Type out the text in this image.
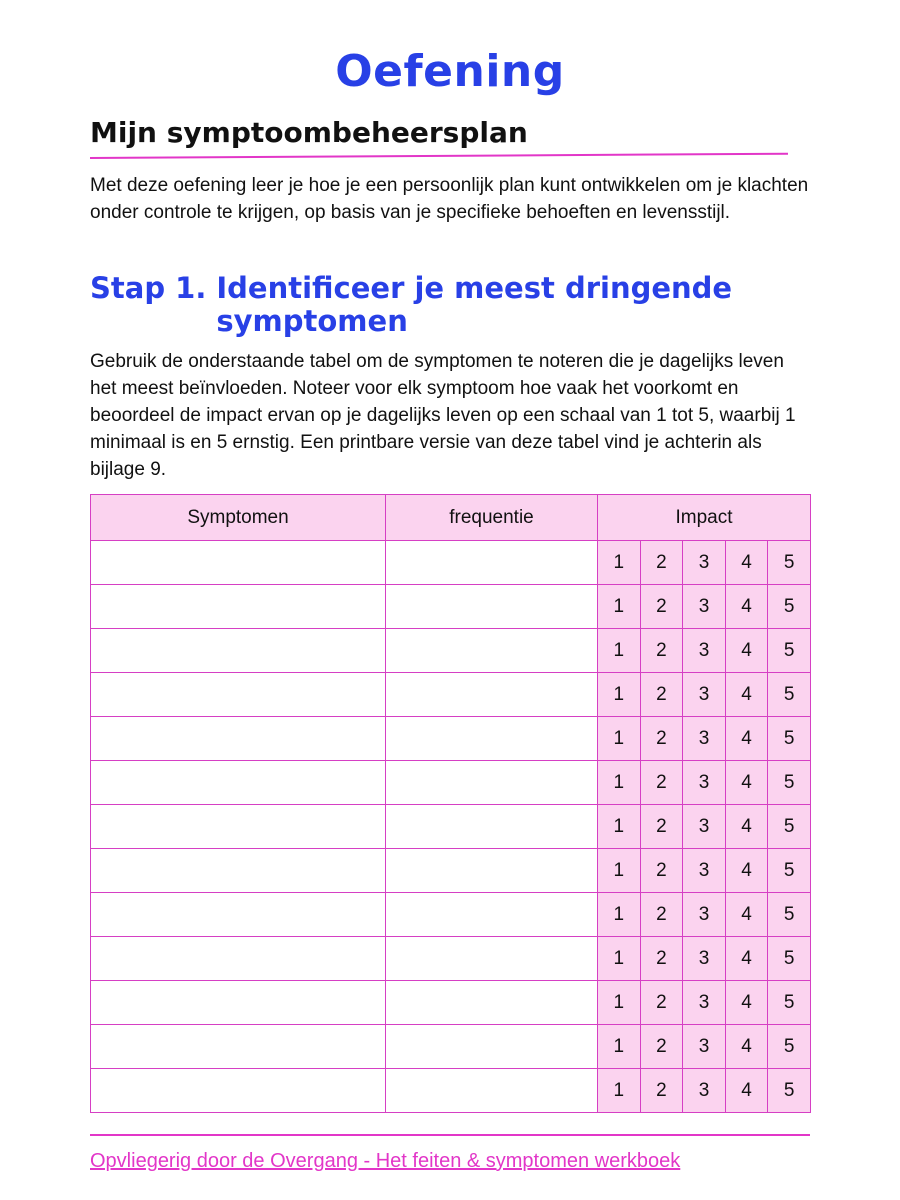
Oefening
Mijn symptoombeheersplan

Met deze oefening leer je hoe je een persoonlijk plan kunt ontwikkelen om je klachten onder controle te krijgen, op basis van je specifieke behoeften en levensstijl.

Stap 1. Identificeer je meest dringende symptomen

Gebruik de onderstaande tabel om de symptomen te noteren die je dagelijks leven het meest beïnvloeden. Noteer voor elk symptoom hoe vaak het voorkomt en beoordeel de impact ervan op je dagelijks leven op een schaal van 1 tot 5, waarbij 1 minimaal is en 5 ernstig. Een printbare versie van deze tabel vind je achterin als bijlage 9.

Symptomen	frequentie	Impact				
		1	2	3	4	5
		1	2	3	4	5
		1	2	3	4	5
		1	2	3	4	5
		1	2	3	4	5
		1	2	3	4	5
		1	2	3	4	5
		1	2	3	4	5
		1	2	3	4	5
		1	2	3	4	5
		1	2	3	4	5
		1	2	3	4	5
		1	2	3	4	5
Opvliegerig door de Overgang - Het feiten & symptomen werkboek
